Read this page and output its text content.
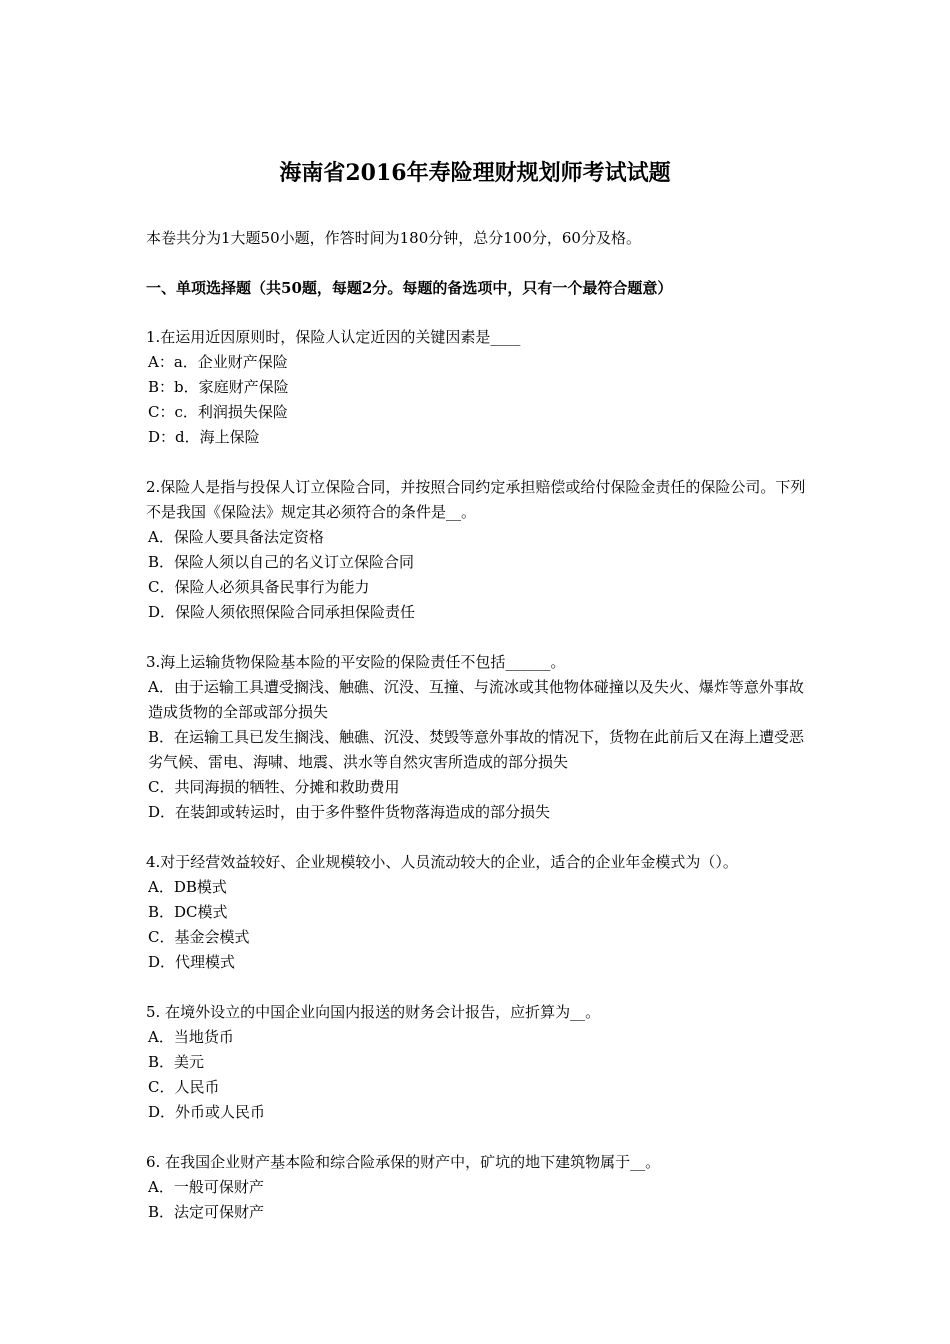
海南省2016年寿险理财规划师考试试题
本卷共分为1大题50小题，作答时间为180分钟，总分100分，60分及格。
一、单项选择题（共50题，每题2分。每题的备选项中，只有一个最符合题意）

1.在运用近因原则时，保险人认定近因的关键因素是____

A：a．企业财产保险
B：b．家庭财产保险
C：c．利润损失保险
D：d．海上保险

2.保险人是指与投保人订立保险合同，并按照合同约定承担赔偿或给付保险金责任的保险公司。下列不是我国《保险法》规定其必须符合的条件是__。

A．保险人要具备法定资格
B．保险人须以自己的名义订立保险合同
C．保险人必须具备民事行为能力
D．保险人须依照保险合同承担保险责任

3.海上运输货物保险基本险的平安险的保险责任不包括______。

A．由于运输工具遭受搁浅、触礁、沉没、互撞、与流冰或其他物体碰撞以及失火、爆炸等意外事故造成货物的全部或部分损失
B．在运输工具已发生搁浅、触礁、沉没、焚毁等意外事故的情况下，货物在此前后又在海上遭受恶劣气候、雷电、海啸、地震、洪水等自然灾害所造成的部分损失
C．共同海损的牺牲、分摊和救助费用
D．在装卸或转运时，由于多件整件货物落海造成的部分损失

4.对于经营效益较好、企业规模较小、人员流动较大的企业，适合的企业年金模式为（）。

A．DB模式
B．DC模式
C．基金会模式
D．代理模式

5. 在境外设立的中国企业向国内报送的财务会计报告，应折算为__。

A．当地货币
B．美元
C．人民币
D．外币或人民币

6. 在我国企业财产基本险和综合险承保的财产中，矿坑的地下建筑物属于__。

A．一般可保财产
B．法定可保财产
